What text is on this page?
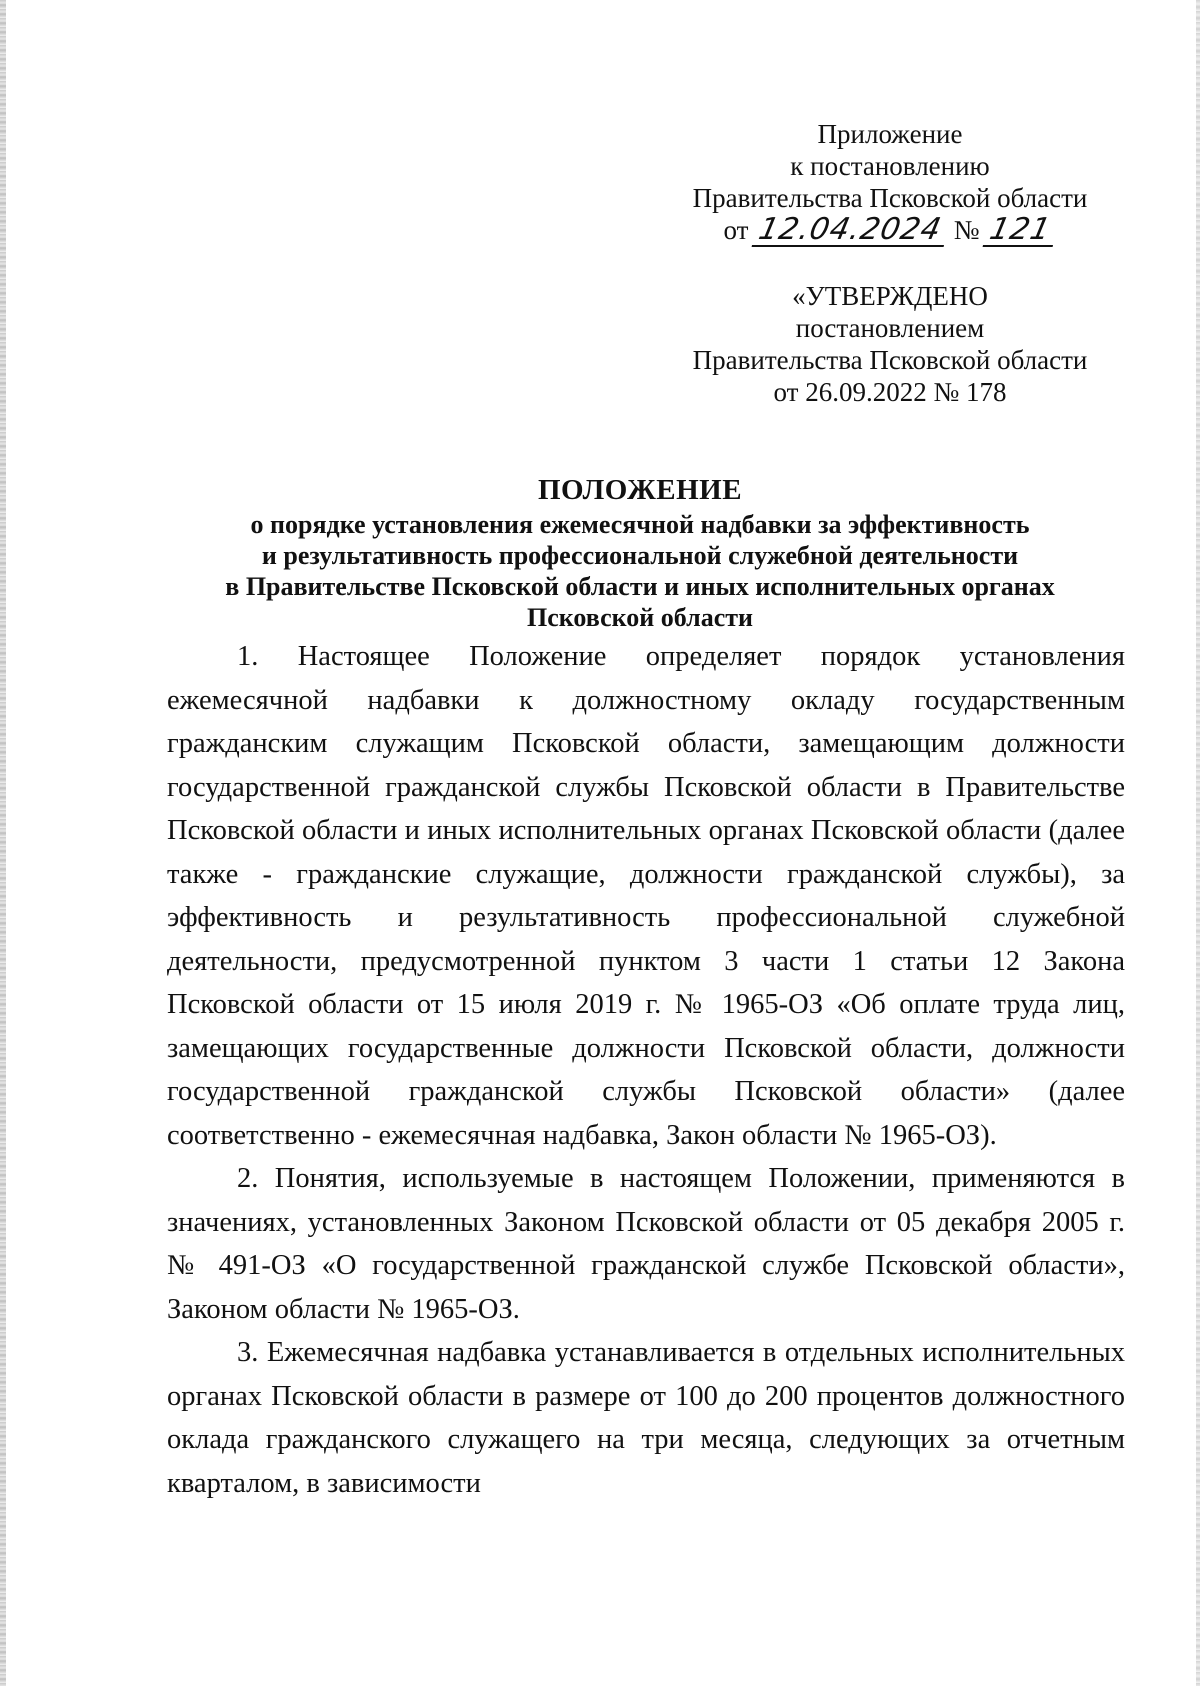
Приложение
к постановлению
Правительства Псковской области
от 12.04.2024 № 121
«УТВЕРЖДЕНО
постановлением
Правительства Псковской области
от 26.09.2022 № 178
ПОЛОЖЕНИЕ
о порядке установления ежемесячной надбавки за эффективность
и результативность профессиональной служебной деятельности
в Правительстве Псковской области и иных исполнительных органах
Псковской области

1. Настоящее Положение определяет порядок установления ежемесячной надбавки к должностному окладу государственным гражданским служащим Псковской области, замещающим должности государственной гражданской службы Псковской области в Правительстве Псковской области и иных исполнительных органах Псковской области (далее также - гражданские служащие, должности гражданской службы), за эффективность и результативность профессиональной служебной деятельности, предусмотренной пунктом 3 части 1 статьи 12 Закона Псковской области от 15 июля 2019 г. № 1965-ОЗ «Об оплате труда лиц, замещающих государственные должности Псковской области, должности государственной гражданской службы Псковской области» (далее соответственно - ежемесячная надбавка, Закон области № 1965-ОЗ).

2. Понятия, используемые в настоящем Положении, применяются в значениях, установленных Законом Псковской области от 05 декабря 2005 г. № 491-ОЗ «О государственной гражданской службе Псковской области», Законом области № 1965-ОЗ.

3. Ежемесячная надбавка устанавливается в отдельных исполнительных органах Псковской области в размере от 100 до 200 процентов должностного оклада гражданского служащего на три месяца, следующих за отчетным кварталом, в зависимости
